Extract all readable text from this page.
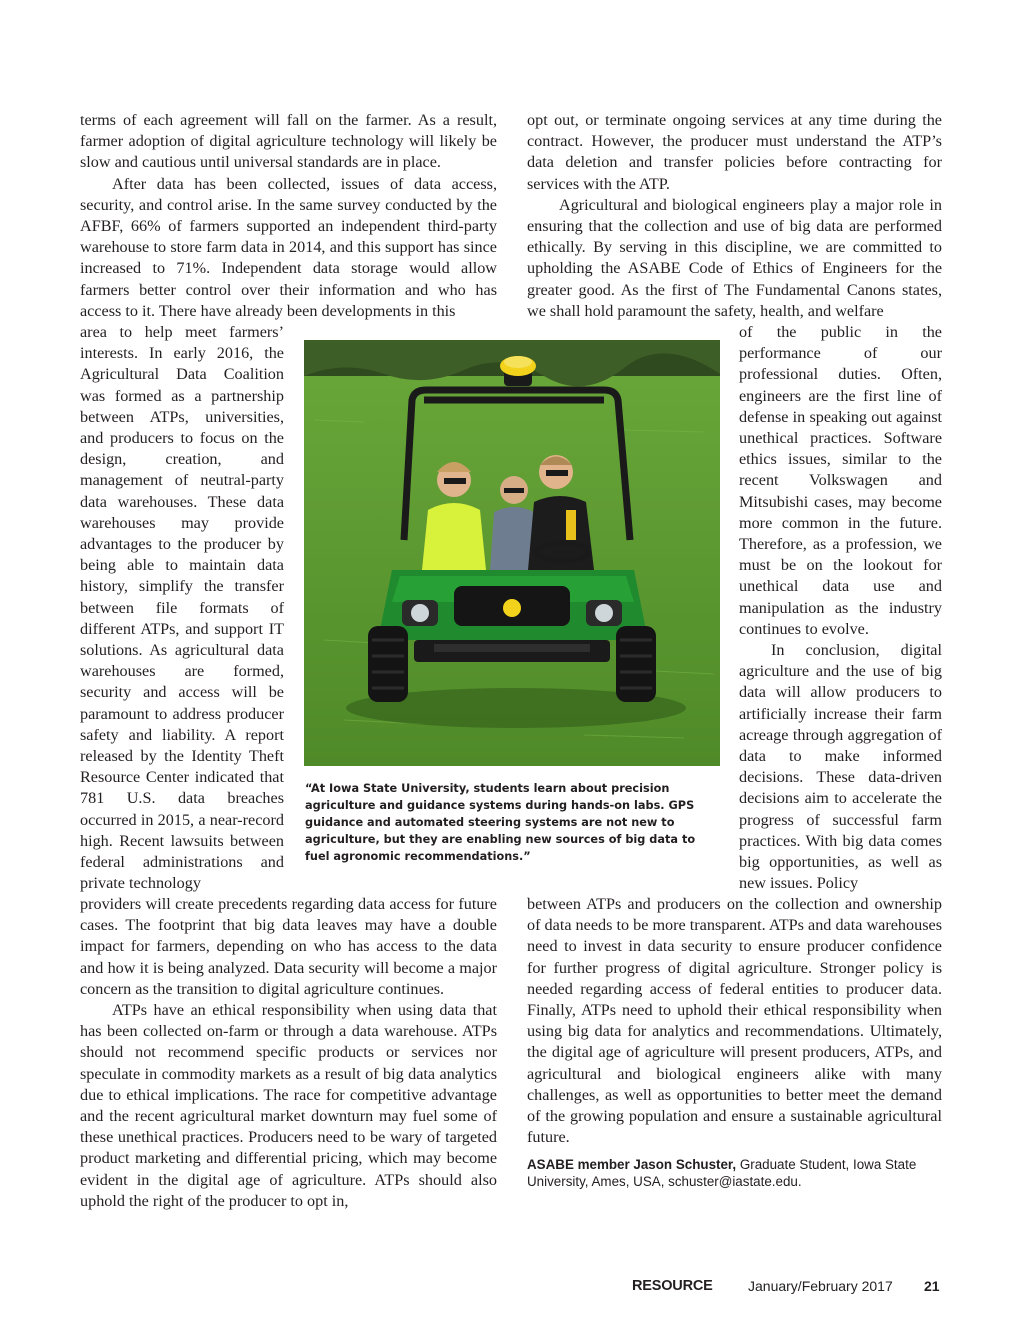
terms of each agreement will fall on the farmer. As a result, farmer adoption of digital agriculture technology will likely be slow and cautious until universal standards are in place.

After data has been collected, issues of data access, security, and control arise. In the same survey conducted by the AFBF, 66% of farmers supported an independent third-party warehouse to store farm data in 2014, and this support has since increased to 71%. Independent data storage would allow farmers better control over their information and who has access to it. There have already been developments in this

area to help meet farmers’ interests. In early 2016, the Agricultural Data Coalition was formed as a partnership between ATPs, universities, and producers to focus on the design, creation, and management of neutral-party data warehouses. These data warehouses may provide advantages to the producer by being able to maintain data history, simplify the transfer between file formats of different ATPs, and support IT solutions. As agricultural data warehouses are formed, security and access will be paramount to address producer safety and liability. A report released by the Identity Theft Resource Center indicated that 781 U.S. data breaches occurred in 2015, a near-record high. Recent lawsuits between federal administrations and private technology

providers will create precedents regarding data access for future cases. The footprint that big data leaves may have a double impact for farmers, depending on who has access to the data and how it is being analyzed. Data security will become a major concern as the transition to digital agriculture continues.

ATPs have an ethical responsibility when using data that has been collected on-farm or through a data warehouse. ATPs should not recommend specific products or services nor speculate in commodity markets as a result of big data analytics due to ethical implications. The race for competitive advantage and the recent agricultural market downturn may fuel some of these unethical practices. Producers need to be wary of targeted product marketing and differential pricing, which may become evident in the digital age of agriculture. ATPs should also uphold the right of the producer to opt in,

opt out, or terminate ongoing services at any time during the contract. However, the producer must understand the ATP’s data deletion and transfer policies before contracting for services with the ATP.

Agricultural and biological engineers play a major role in ensuring that the collection and use of big data are performed ethically. By serving in this discipline, we are committed to upholding the ASABE Code of Ethics of Engineers for the greater good. As the first of The Fundamental Canons states, we shall hold paramount the safety, health, and welfare

of the public in the performance of our professional duties. Often, engineers are the first line of defense in speaking out against unethical practices. Software ethics issues, similar to the recent Volkswagen and Mitsubishi cases, may become more common in the future. Therefore, as a profession, we must be on the lookout for unethical data use and manipulation as the industry continues to evolve.

In conclusion, digital agriculture and the use of big data will allow producers to artificially increase their farm acreage through aggregation of data to make informed decisions. These data-driven decisions aim to accelerate the progress of successful farm practices. With big data comes big opportunities, as well as new issues. Policy

between ATPs and producers on the collection and ownership of data needs to be more transparent. ATPs and data warehouses need to invest in data security to ensure producer confidence for further progress of digital agriculture. Stronger policy is needed regarding access of federal entities to producer data. Finally, ATPs need to uphold their ethical responsibility when using big data for analytics and recommendations. Ultimately, the digital age of agriculture will present producers, ATPs, and agricultural and biological engineers alike with many challenges, as well as opportunities to better meet the demand of the growing population and ensure a sustainable agricultural future.

“At Iowa State University, students learn about precision agriculture and guidance systems during hands-on labs. GPS guidance and automated steering systems are not new to agriculture, but they are enabling new sources of big data to fuel agronomic recommendations.”
ASABE member Jason Schuster, Graduate Student, Iowa State University, Ames, USA, schuster@iastate.edu.
RESOURCE	January/February 2017 21
